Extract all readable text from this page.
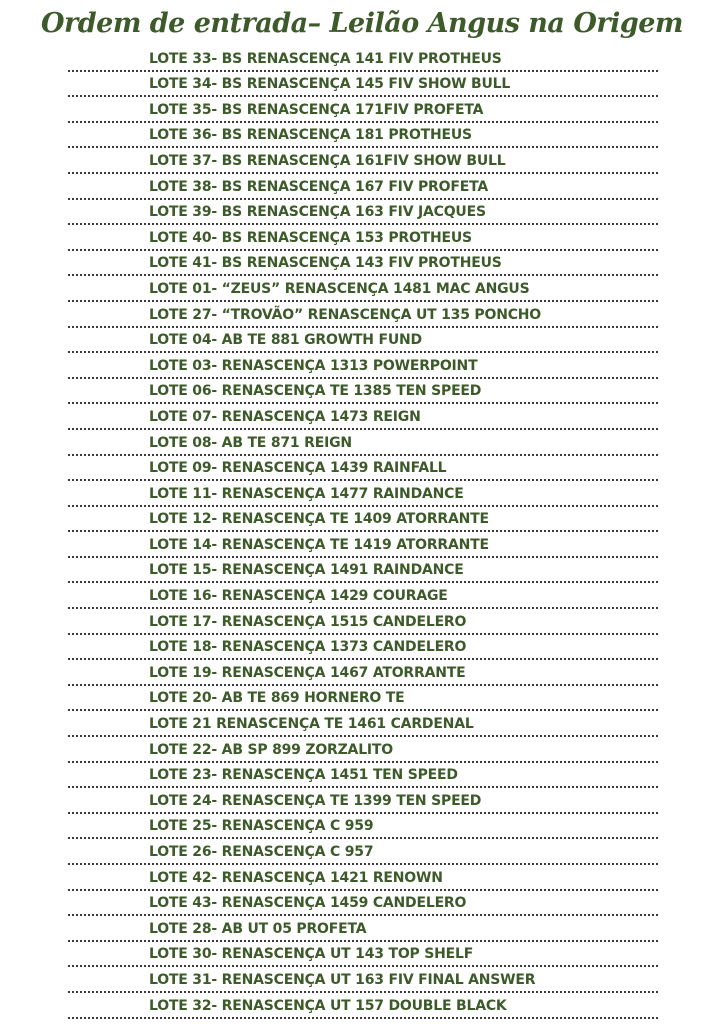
Ordem de entrada– Leilão Angus na Origem
LOTE 33- BS RENASCENÇA 141 FIV PROTHEUS
LOTE 34- BS RENASCENÇA 145 FIV SHOW BULL
LOTE 35- BS RENASCENÇA 171FIV PROFETA
LOTE 36- BS RENASCENÇA 181 PROTHEUS
LOTE 37- BS RENASCENÇA 161FIV SHOW BULL
LOTE 38- BS RENASCENÇA 167 FIV PROFETA
LOTE 39- BS RENASCENÇA 163 FIV JACQUES
LOTE 40- BS RENASCENÇA 153 PROTHEUS
LOTE 41- BS RENASCENÇA 143 FIV PROTHEUS
LOTE 01- “ZEUS” RENASCENÇA 1481 MAC ANGUS
LOTE 27- “TROVÃO” RENASCENÇA UT 135 PONCHO
LOTE 04- AB TE 881 GROWTH FUND
LOTE 03- RENASCENÇA 1313 POWERPOINT
LOTE 06- RENASCENÇA TE 1385 TEN SPEED
LOTE 07- RENASCENÇA 1473 REIGN
LOTE 08- AB TE 871 REIGN
LOTE 09- RENASCENÇA 1439 RAINFALL
LOTE 11- RENASCENÇA 1477 RAINDANCE
LOTE 12- RENASCENÇA TE 1409 ATORRANTE
LOTE 14- RENASCENÇA TE 1419 ATORRANTE
LOTE 15- RENASCENÇA 1491 RAINDANCE
LOTE 16- RENASCENÇA 1429 COURAGE
LOTE 17- RENASCENÇA 1515 CANDELERO
LOTE 18- RENASCENÇA 1373 CANDELERO
LOTE 19- RENASCENÇA 1467 ATORRANTE
LOTE 20- AB TE 869 HORNERO TE
LOTE 21 RENASCENÇA TE 1461 CARDENAL
LOTE 22- AB SP 899 ZORZALITO
LOTE 23- RENASCENÇA 1451 TEN SPEED
LOTE 24- RENASCENÇA TE 1399 TEN SPEED
LOTE 25- RENASCENÇA C 959
LOTE 26- RENASCENÇA C 957
LOTE 42- RENASCENÇA 1421 RENOWN
LOTE 43- RENASCENÇA 1459 CANDELERO
LOTE 28- AB UT 05 PROFETA
LOTE 30- RENASCENÇA UT 143 TOP SHELF
LOTE 31- RENASCENÇA UT 163 FIV FINAL ANSWER
LOTE 32- RENASCENÇA UT 157 DOUBLE BLACK
